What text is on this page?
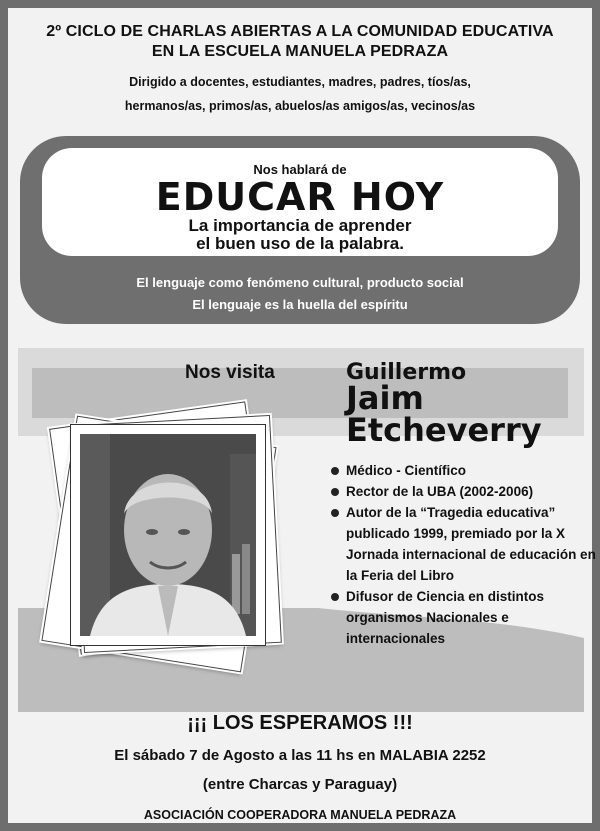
2º CICLO DE CHARLAS ABIERTAS A LA COMUNIDAD EDUCATIVA
EN LA ESCUELA MANUELA PEDRAZA
Dirigido a docentes, estudiantes, madres, padres, tíos/as,
hermanos/as, primos/as, abuelos/as amigos/as, vecinos/as
Nos hablará de
EDUCAR HOY
La importancia de aprender
el buen uso de la palabra.
El lenguaje como fenómeno cultural, producto social
El lenguaje es la huella del espíritu
Nos visita	Guillermo
Jaim
Etcheverry
Médico - Científico
Rector de la UBA (2002-2006)
Autor de la “Tragedia educativa” publicado 1999, premiado por la X Jornada internacional de educación en la Feria del Libro
Difusor de Ciencia en distintos organismos Nacionales e internacionales
¡¡¡ LOS ESPERAMOS !!!
El sábado 7 de Agosto a las 11 hs en MALABIA 2252
(entre Charcas y Paraguay)
ASOCIACIÓN COOPERADORA MANUELA PEDRAZA
